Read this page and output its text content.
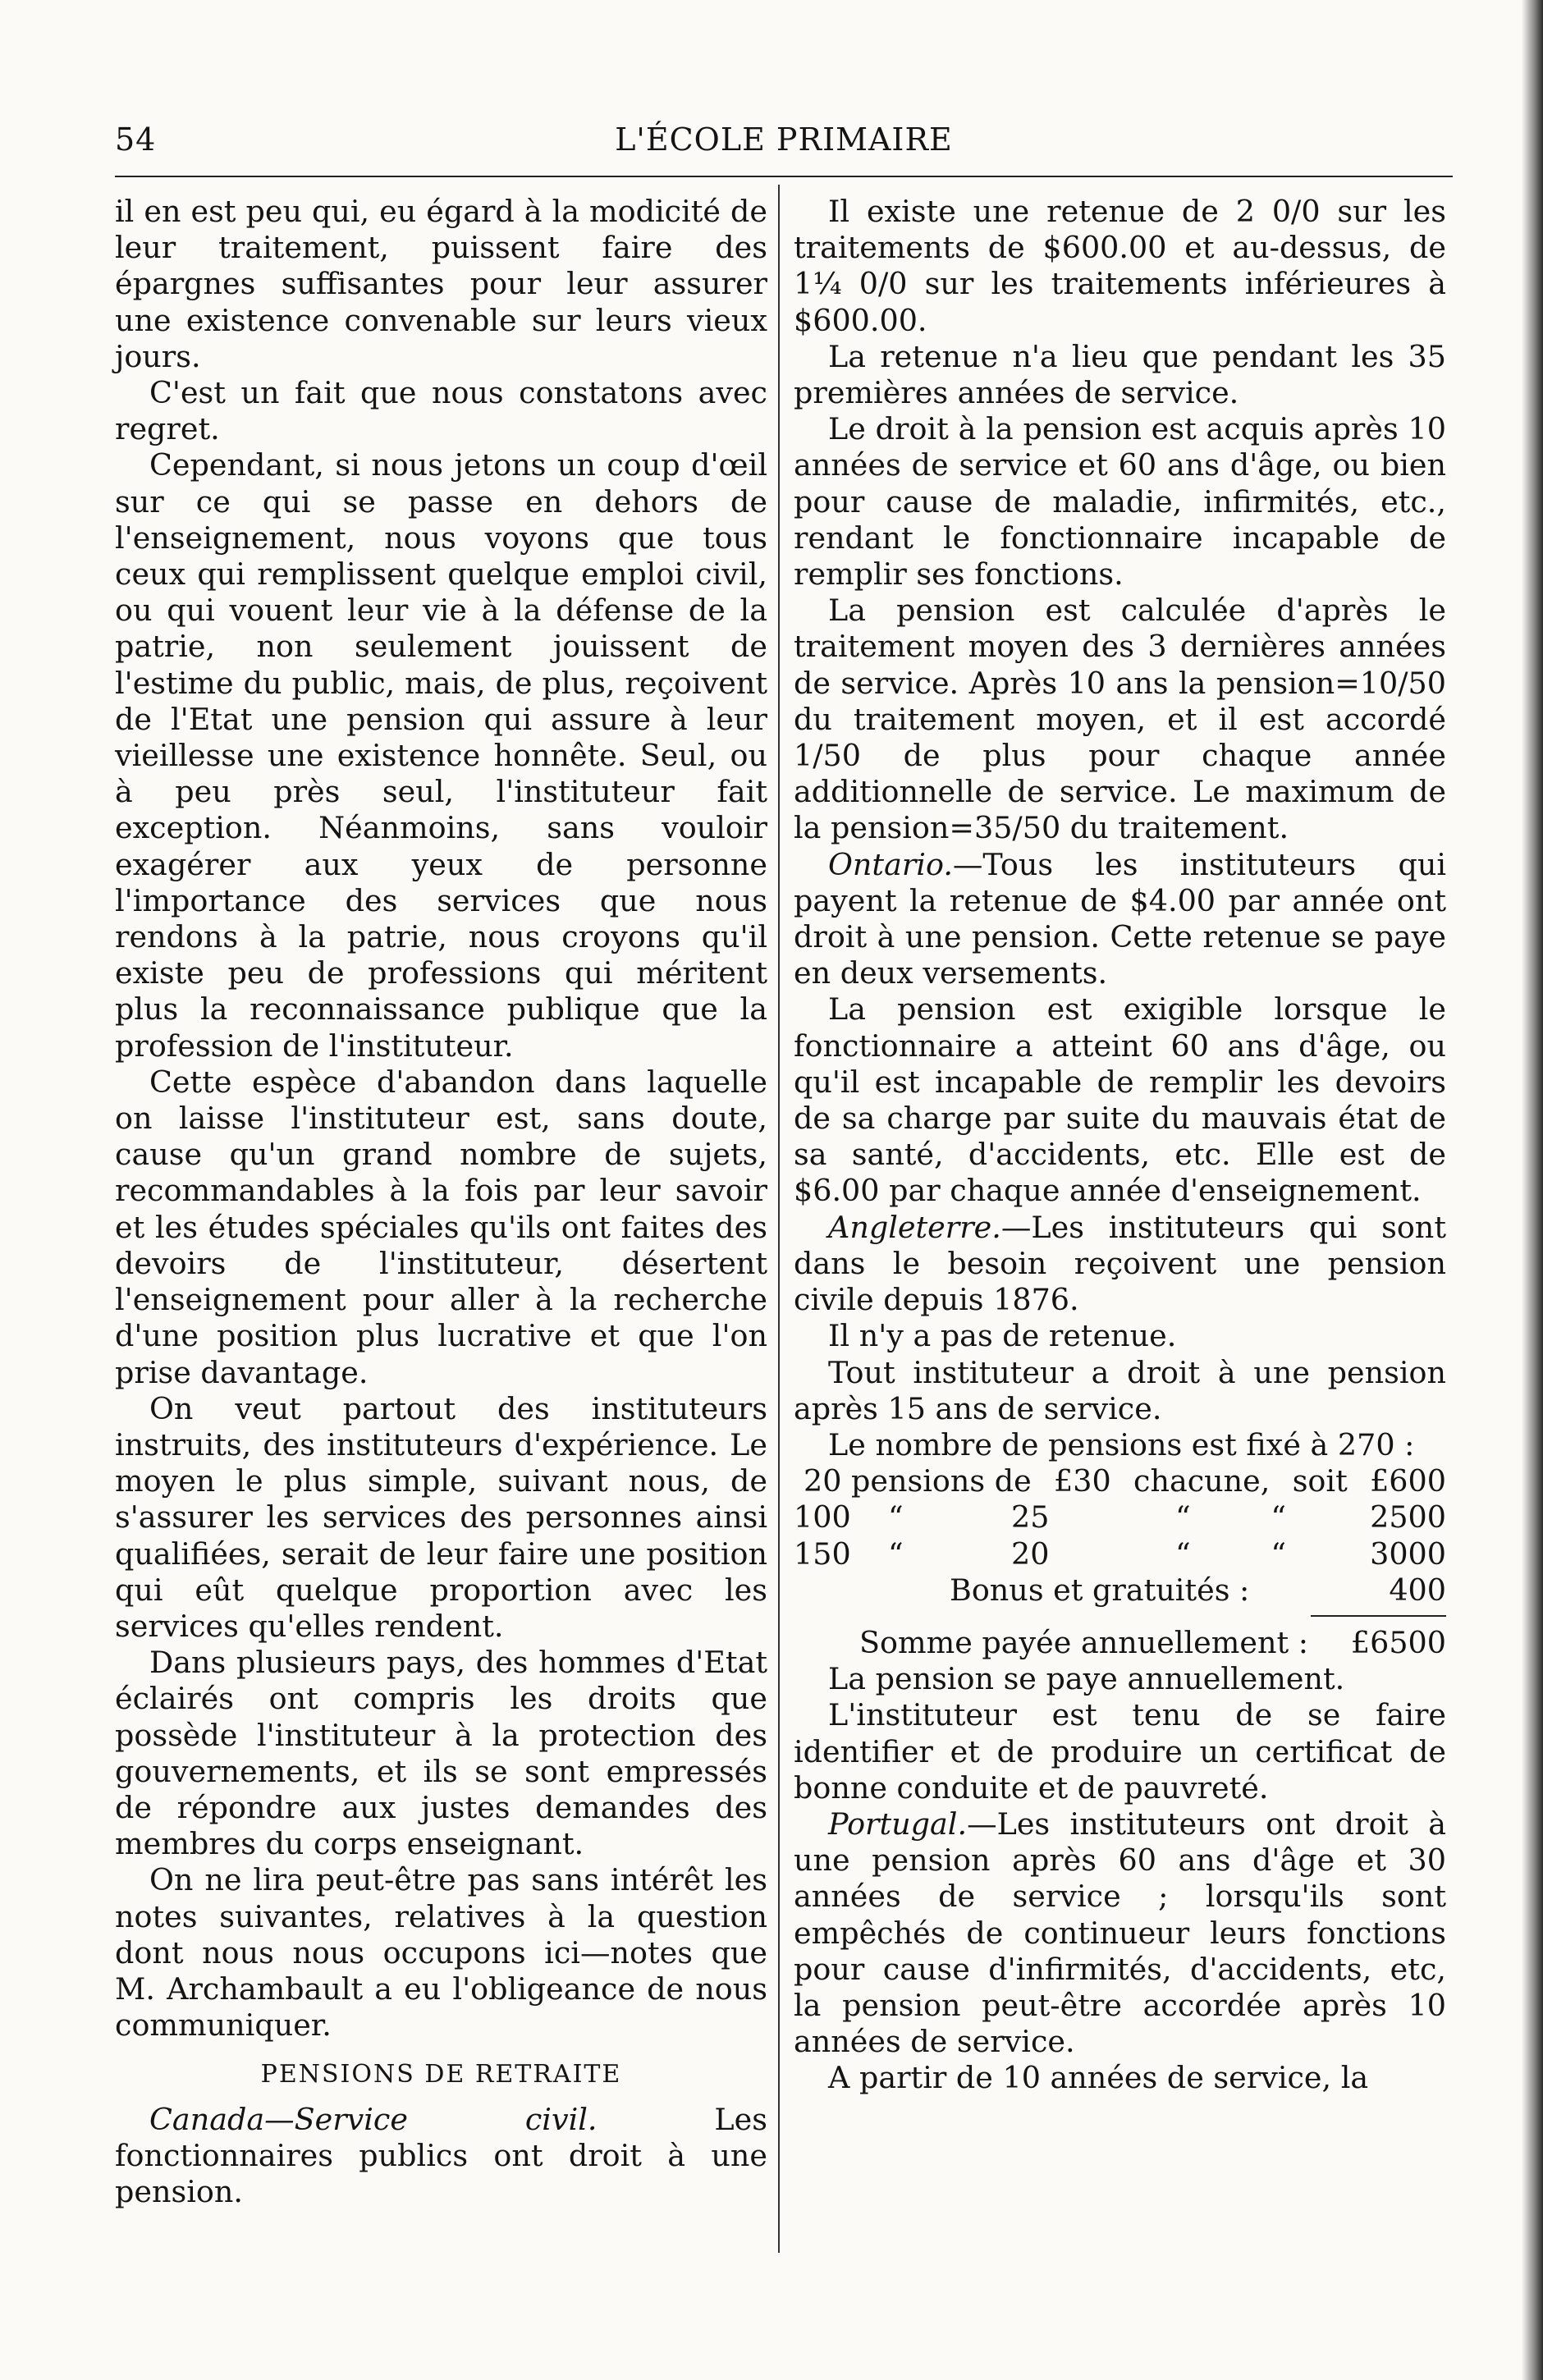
54	L'ÉCOLE PRIMAIRE

il en est peu qui, eu égard à la modicité de leur traitement, puissent faire des épargnes suffisantes pour leur assurer une existence convenable sur leurs vieux jours.

C'est un fait que nous constatons avec regret.

Cependant, si nous jetons un coup d'œil sur ce qui se passe en dehors de l'enseignement, nous voyons que tous ceux qui remplissent quelque emploi civil, ou qui vouent leur vie à la défense de la patrie, non seulement jouissent de l'estime du public, mais, de plus, reçoivent de l'Etat une pension qui assure à leur vieillesse une existence honnête. Seul, ou à peu près seul, l'instituteur fait exception. Néanmoins, sans vouloir exagérer aux yeux de personne l'importance des services que nous rendons à la patrie, nous croyons qu'il existe peu de professions qui méritent plus la reconnaissance publique que la profession de l'instituteur.

Cette espèce d'abandon dans laquelle on laisse l'instituteur est, sans doute, cause qu'un grand nombre de sujets, recommandables à la fois par leur savoir et les études spéciales qu'ils ont faites des devoirs de l'instituteur, désertent l'enseignement pour aller à la recherche d'une position plus lucrative et que l'on prise davantage.

On veut partout des instituteurs instruits, des instituteurs d'expérience. Le moyen le plus simple, suivant nous, de s'assurer les services des personnes ainsi qualifiées, serait de leur faire une position qui eût quelque proportion avec les services qu'elles rendent.

Dans plusieurs pays, des hommes d'Etat éclairés ont compris les droits que possède l'instituteur à la protection des gouvernements, et ils se sont empressés de répondre aux justes demandes des membres du corps enseignant.

On ne lira peut-être pas sans intérêt les notes suivantes, relatives à la question dont nous nous occupons ici—notes que M. Archambault a eu l'obligeance de nous communiquer.

PENSIONS DE RETRAITE

Canada—Service civil. Les fonctionnaires publics ont droit à une pension.

Il existe une retenue de 2 0/0 sur les traitements de $600.00 et au-dessus, de 1¼ 0/0 sur les traitements inférieures à $600.00.

La retenue n'a lieu que pendant les 35 premières années de service.

Le droit à la pension est acquis après 10 années de service et 60 ans d'âge, ou bien pour cause de maladie, infirmités, etc., rendant le fonctionnaire incapable de remplir ses fonctions.

La pension est calculée d'après le traitement moyen des 3 dernières années de service. Après 10 ans la pension=10/50 du traitement moyen, et il est accordé 1/50 de plus pour chaque année additionnelle de service. Le maximum de la pension=35/50 du traitement.

Ontario.—Tous les instituteurs qui payent la retenue de $4.00 par année ont droit à une pension. Cette retenue se paye en deux versements.

La pension est exigible lorsque le fonctionnaire a atteint 60 ans d'âge, ou qu'il est incapable de remplir les devoirs de sa charge par suite du mauvais état de sa santé, d'accidents, etc. Elle est de $6.00 par chaque année d'enseignement.

Angleterre.—Les instituteurs qui sont dans le besoin reçoivent une pension civile depuis 1876.

Il n'y a pas de retenue.

Tout instituteur a droit à une pension après 15 ans de service.

Le nombre de pensions est fixé à 270 :

20 pensions de £30 chacune, soit £600
100	“	25	“	“	2500
150	“	20	“	“	3000
Bonus et gratuités :	400
Somme payée annuellement : £6500

La pension se paye annuellement.

L'instituteur est tenu de se faire identifier et de produire un certificat de bonne conduite et de pauvreté.

Portugal.—Les instituteurs ont droit à une pension après 60 ans d'âge et 30 années de service ; lorsqu'ils sont empêchés de continueur leurs fonctions pour cause d'infirmités, d'accidents, etc, la pension peut-être accordée après 10 années de service.

A partir de 10 années de service, la
